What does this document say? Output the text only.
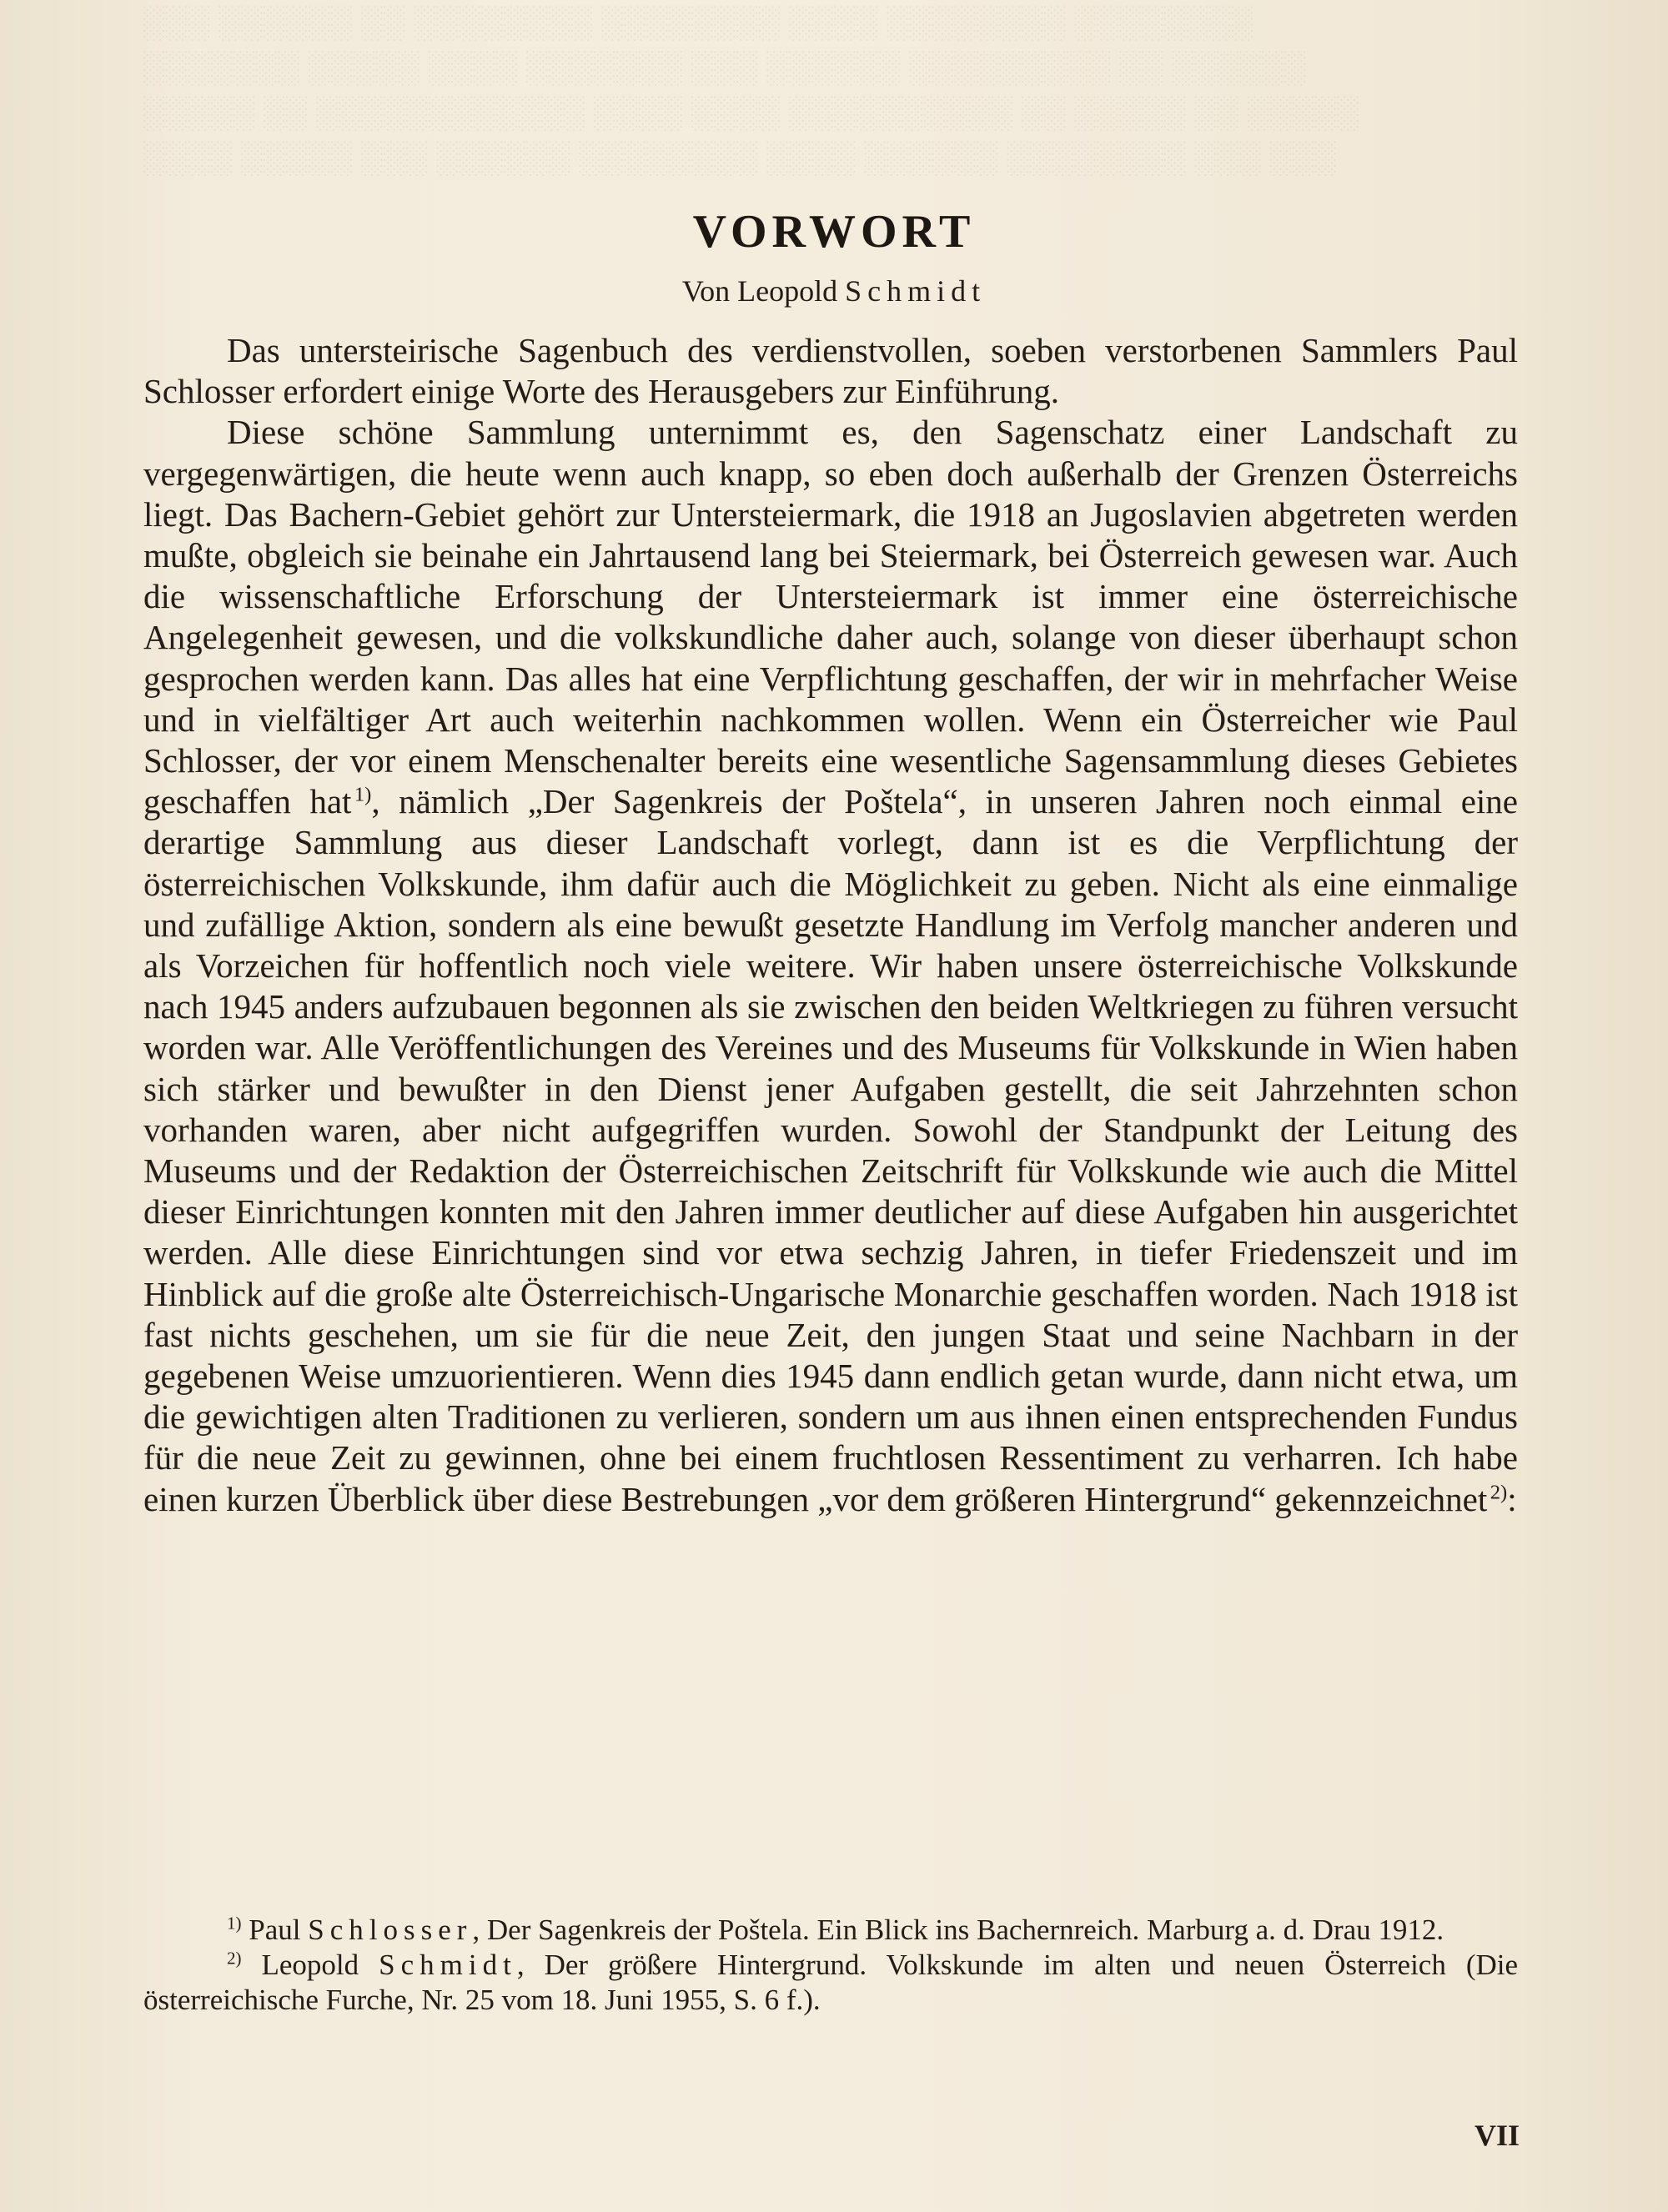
░░░ ░░░░░░ ░░ ░░░░░░░░ ░░░░░░░░ ░░░░ ░░░░░░░░ ░░░░░░░░
░░░░░░░ ░░░░░ ░░░░ ░░░░░░░ ░░░ ░░░░░░ ░░░░░░░░░ ░░ ░░░░░░
░░░░░ ░░ ░░░░░░░░░░░░ ░░░░ ░░░░ ░░░░░░░░░░ ░░ ░░░░░ ░░ ░░░░░
░░░░ ░░░░░ ░░░ ░░░░░░ ░░░░░░░░ ░░░░ ░░░░░░ ░░░░░░░░ ░░░ ░░░
VORWORT
Von Leopold Schmidt

Das untersteirische Sagenbuch des verdienstvollen, soeben verstorbenen Sammlers Paul Schlosser erfordert einige Worte des Herausgebers zur Einführung.

Diese schöne Sammlung unternimmt es, den Sagenschatz einer Landschaft zu vergegenwärtigen, die heute wenn auch knapp, so eben doch außerhalb der Grenzen Österreichs liegt. Das Bachern-Gebiet gehört zur Untersteiermark, die 1918 an Jugoslavien abgetreten werden mußte, obgleich sie beinahe ein Jahrtausend lang bei Steiermark, bei Österreich gewesen war. Auch die wissenschaftliche Erforschung der Untersteiermark ist immer eine österreichische Angelegenheit gewesen, und die volkskundliche daher auch, solange von dieser überhaupt schon gesprochen werden kann. Das alles hat eine Verpflichtung geschaffen, der wir in mehrfacher Weise und in vielfältiger Art auch weiterhin nachkommen wollen. Wenn ein Österreicher wie Paul Schlosser, der vor einem Menschenalter bereits eine wesentliche Sagensammlung dieses Gebietes geschaffen hat  $^{1)}$, nämlich „Der Sagenkreis der Poštela“, in unseren Jahren noch einmal eine derartige Sammlung aus dieser Landschaft vorlegt, dann ist es die Verpflichtung der österreichischen Volkskunde, ihm dafür auch die Möglichkeit zu geben. Nicht als eine einmalige und zufällige Aktion, sondern als eine bewußt gesetzte Handlung im Verfolg mancher anderen und als Vorzeichen für hoffentlich noch viele weitere. Wir haben unsere österreichische Volkskunde nach 1945 anders aufzubauen begonnen als sie zwischen den beiden Weltkriegen zu führen versucht worden war. Alle Veröffentlichungen des Vereines und des Museums für Volkskunde in Wien haben sich stärker und bewußter in den Dienst jener Aufgaben gestellt, die seit Jahrzehnten schon vorhanden waren, aber nicht aufgegriffen wurden. Sowohl der Standpunkt der Leitung des Museums und der Redaktion der Österreichischen Zeitschrift für Volkskunde wie auch die Mittel dieser Einrichtungen konnten mit den Jahren immer deutlicher auf diese Aufgaben hin ausgerichtet werden. Alle diese Einrichtungen sind vor etwa sechzig Jahren, in tiefer Friedenszeit und im Hinblick auf die große alte Österreichisch-Ungarische Monarchie geschaffen worden. Nach 1918 ist fast nichts geschehen, um sie für die neue Zeit, den jungen Staat und seine Nachbarn in der gegebenen Weise umzuorientieren. Wenn dies 1945 dann endlich getan wurde, dann nicht etwa, um die gewichtigen alten Traditionen zu verlieren, sondern um aus ihnen einen entsprechenden Fundus für die neue Zeit zu gewinnen, ohne bei einem fruchtlosen Ressentiment zu verharren. Ich habe einen kurzen Überblick über diese Bestrebungen „vor dem größeren Hintergrund“ gekennzeichnet  $^{2)}$:

$^{1)}$ Paul Schlosser, Der Sagenkreis der Poštela. Ein Blick ins Bachernreich. Marburg a. d. Drau 1912.

$^{2)}$ Leopold Schmidt, Der größere Hintergrund. Volkskunde im alten und neuen Österreich (Die österreichische Furche, Nr. 25 vom 18. Juni 1955, S. 6 f.).

VII
